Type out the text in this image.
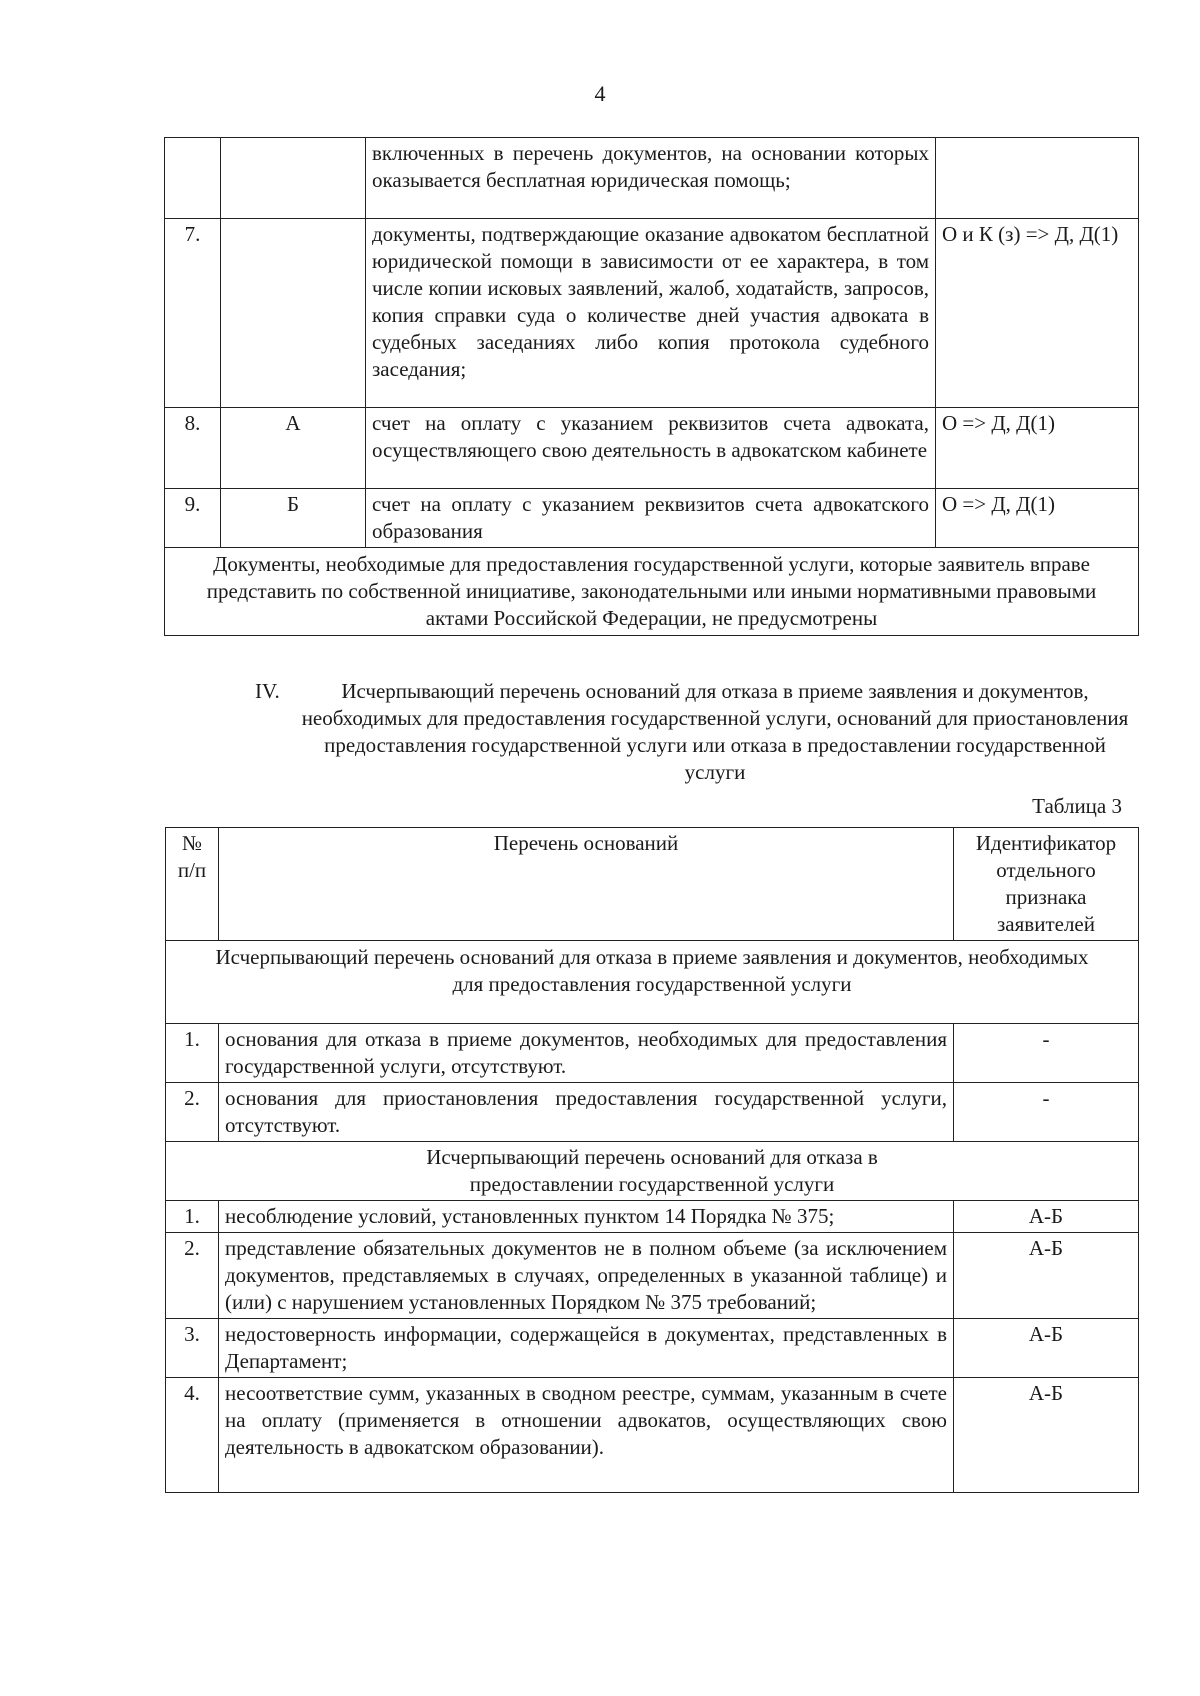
4
		включенных в перечень документов, на основании которых оказывается бесплатная юридическая помощь;	
7.		документы, подтверждающие оказание адвокатом бесплатной юридической помощи в зависимости от ее характера, в том числе копии исковых заявлений, жалоб, ходатайств, запросов, копия справки суда о количестве дней участия адвоката в судебных заседаниях либо копия протокола судебного заседания;	О и К (з) => Д, Д(1)
8.	А	счет на оплату с указанием реквизитов счета адвоката, осуществляющего свою деятельность в адвокатском кабинете	О => Д, Д(1)
9.	Б	счет на оплату с указанием реквизитов счета адвокатского образования	О => Д, Д(1)
Документы, необходимые для предоставления государственной услуги, которые заявитель вправе представить по собственной инициативе, законодательными или иными нормативными правовыми актами Российской Федерации, не предусмотрены			
IV.	Исчерпывающий перечень оснований для отказа в приеме заявления и документов, необходимых для предоставления государственной услуги, оснований для приостановления предоставления государственной услуги или отказа в предоставлении государственной услуги
Таблица 3
№ п/п	Перечень оснований	Идентификатор отдельного признака заявителей
Исчерпывающий перечень оснований для отказа в приеме заявления и документов, необходимых для предоставления государственной услуги		
1.	основания для отказа в приеме документов, необходимых для предоставления государственной услуги, отсутствуют.	-
2.	основания для приостановления предоставления государственной услуги, отсутствуют.	-
Исчерпывающий перечень оснований для отказа в предоставлении государственной услуги		
1.	несоблюдение условий, установленных пунктом 14 Порядка № 375;	А-Б
2.	представление обязательных документов не в полном объеме (за исключением документов, представляемых в случаях, определенных в указанной таблице) и (или) с нарушением установленных Порядком № 375 требований;	А-Б
3.	недостоверность информации, содержащейся в документах, представленных в Департамент;	А-Б
4.	несоответствие сумм, указанных в сводном реестре, суммам, указанным в счете на оплату (применяется в отношении адвокатов, осуществляющих свою деятельность в адвокатском образовании).	А-Б
